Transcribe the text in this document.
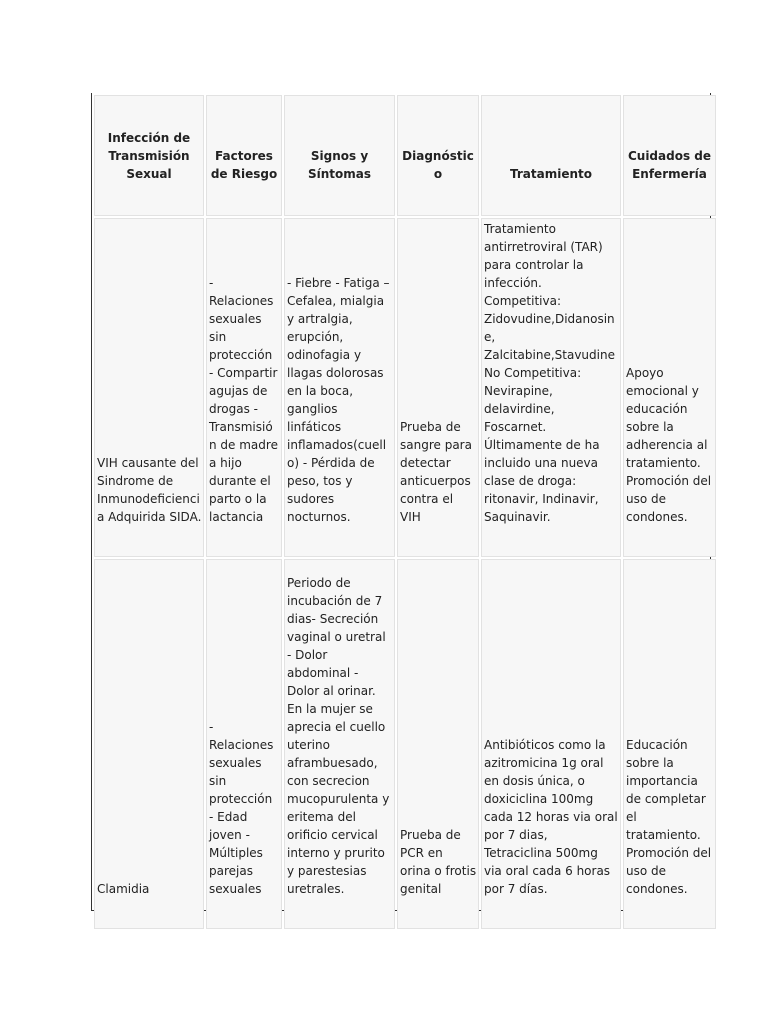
Infección de Transmisión Sexual	Factores de Riesgo	Signos y Síntomas	Diagnóstico	Tratamiento	Cuidados de Enfermería
VIH causante del Sindrome de Inmunodeficiencia Adquirida SIDA.	- Relaciones sexuales sin protección - Compartir agujas de drogas - Transmisión de madre a hijo durante el parto o la lactancia	- Fiebre - Fatiga – Cefalea, mialgia y artralgia, erupción, odinofagia y llagas dolorosas en la boca, ganglios linfáticos inflamados(cuello) - Pérdida de peso, tos y sudores nocturnos.	Prueba de sangre para detectar anticuerpos contra el VIH	Tratamiento antirretroviral (TAR) para controlar la infección. Competitiva: Zidovudine,Didanosine, Zalcitabine,Stavudine No Competitiva: Nevirapine, delavirdine, Foscarnet. Últimamente de ha incluido una nueva clase de droga: ritonavir, Indinavir, Saquinavir.	Apoyo emocional y educación sobre la adherencia al tratamiento. Promoción del uso de condones.
Clamidia	- Relaciones sexuales sin protección - Edad joven - Múltiples parejas sexuales	Periodo de incubación de 7 dias- Secreción vaginal o uretral - Dolor abdominal - Dolor al orinar. En la mujer se aprecia el cuello uterino aframbuesado, con secrecion mucopurulenta y eritema del orificio cervical interno y prurito y parestesias uretrales.	Prueba de PCR en orina o frotis genital	Antibióticos como la azitromicina 1g oral en dosis única, o doxiciclina 100mg cada 12 horas via oral por 7 dias, Tetraciclina 500mg via oral cada 6 horas por 7 días.	Educación sobre la importancia de completar el tratamiento. Promoción del uso de condones.
